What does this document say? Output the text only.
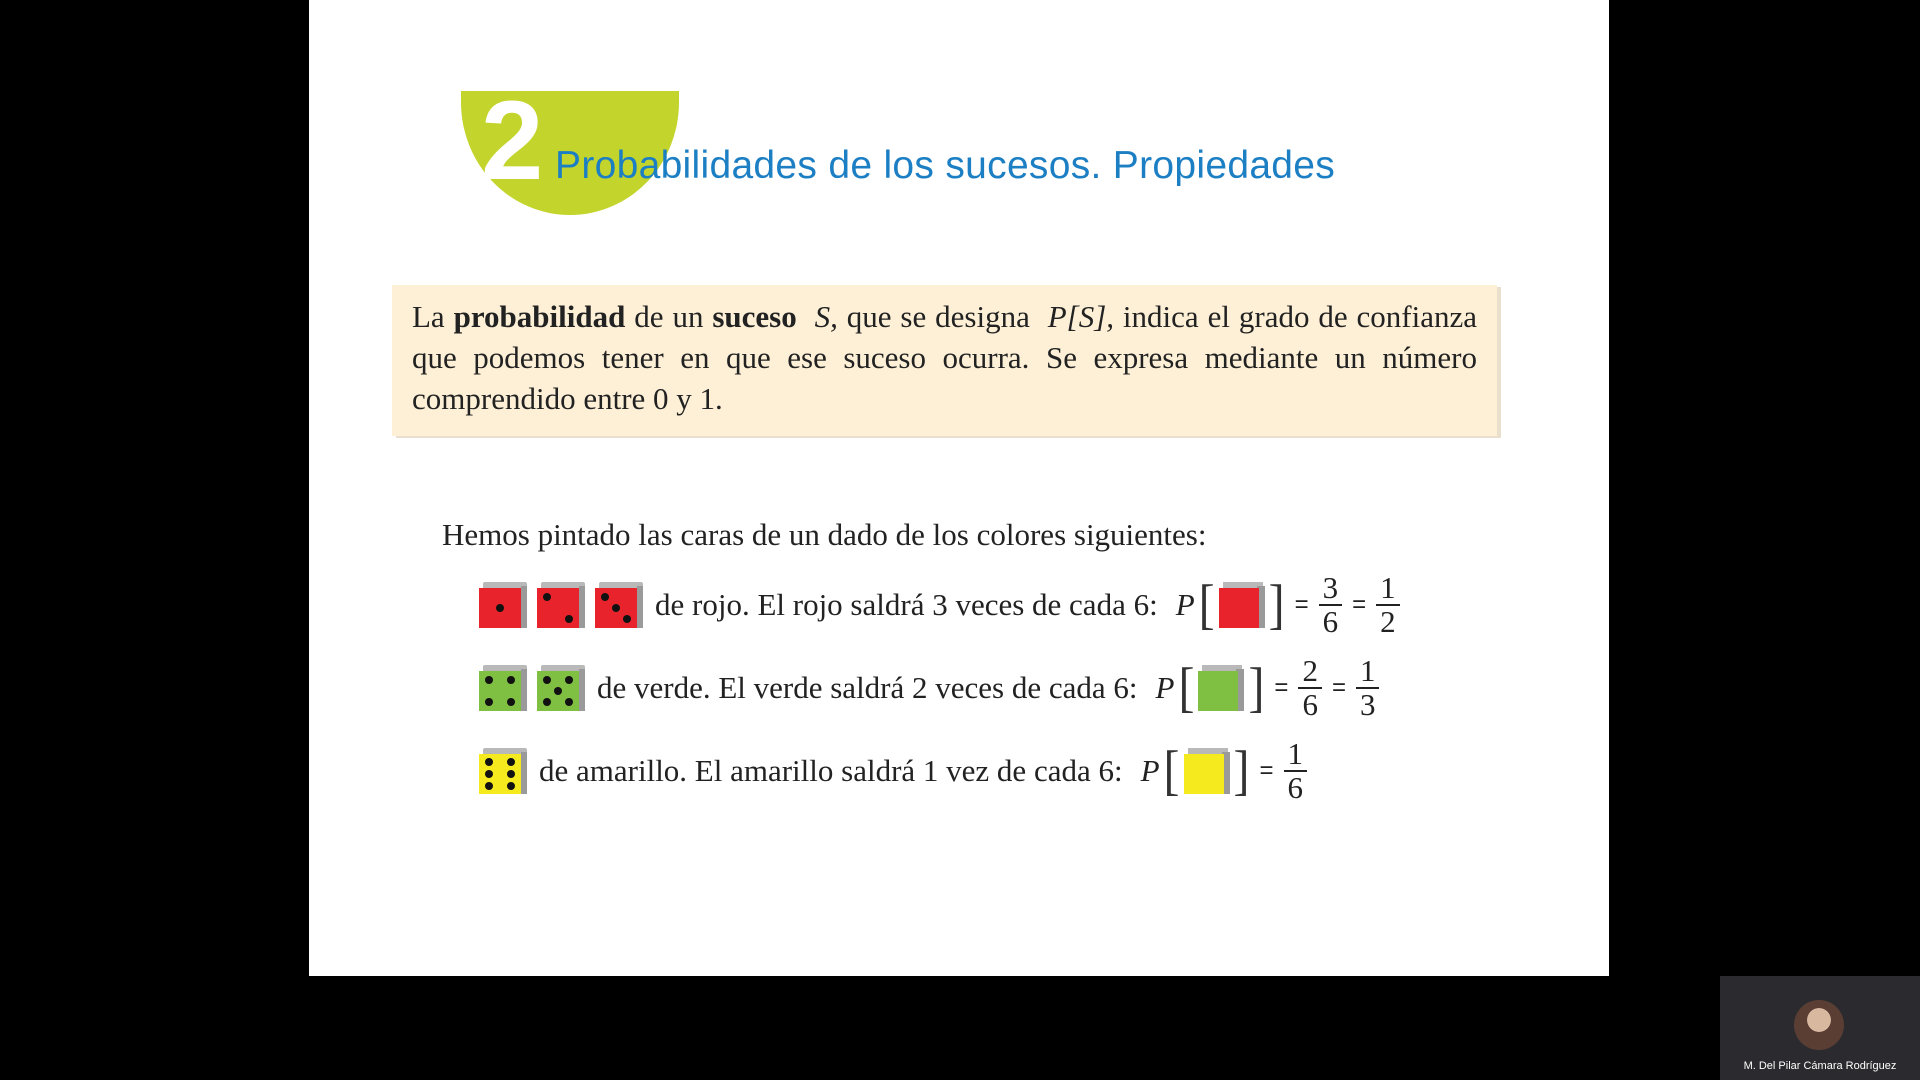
2 Probabilidades de los sucesos. Propiedades
La probabilidad de un suceso S, que se designa  P[S], indica el grado de confianza que podemos tener en que ese suceso ocurra. Se expresa mediante un número comprendido entre 0 y 1.
Hemos pintado las caras de un dado de los colores siguientes:
de rojo. El rojo saldrá 3 veces de cada 6: P [ ] = $\frac{3}{6} = \frac{1}{2}$
de verde. El verde saldrá 2 veces de cada 6: P [ ] = $\frac{2}{6} = \frac{1}{3}$
de amarillo. El amarillo saldrá 1 vez de cada 6: P [ ] = $\frac{1}{6}$
M. Del Pilar Cámara Rodríguez
